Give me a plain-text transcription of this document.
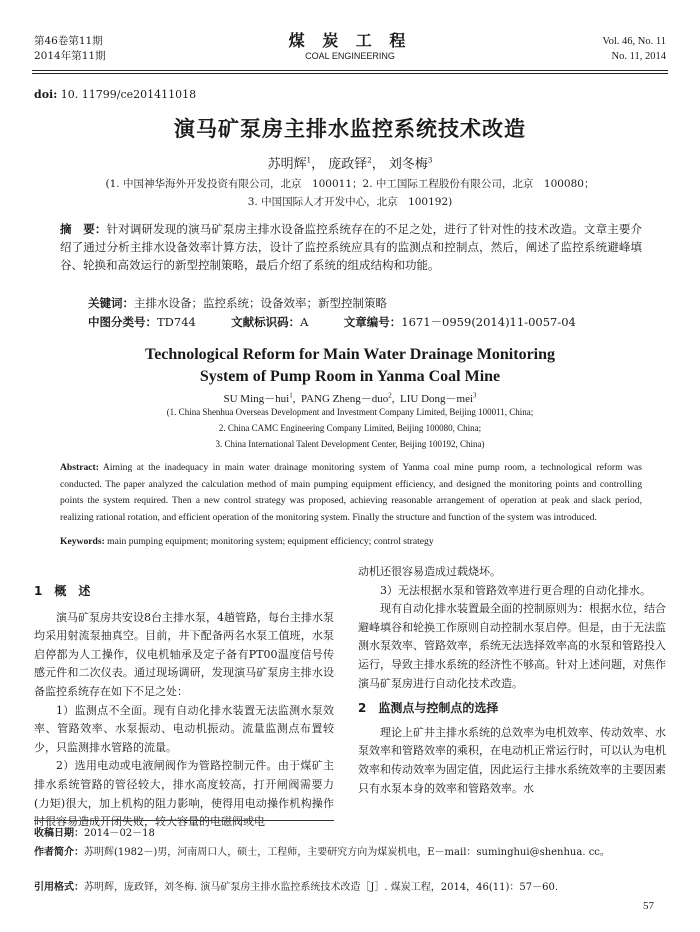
第46卷第11期
2014年第11期
煤 炭 工 程
COAL ENGINEERING
Vol. 46, No. 11
No. 11, 2014
doi: 10. 11799/ce201411018
演马矿泵房主排水监控系统技术改造
苏明辉$^1$， 庞政铎$^2$， 刘冬梅$^3$
(1. 中国神华海外开发投资有限公司，北京　100011；2. 中工国际工程股份有限公司，北京　100080；
3. 中国国际人才开发中心，北京　100192)
摘　要：针对调研发现的演马矿泵房主排水设备监控系统存在的不足之处，进行了针对性的技术改造。文章主要介绍了通过分析主排水设备效率计算方法，设计了监控系统应具有的监测点和控制点，然后，阐述了监控系统避峰填谷、轮换和高效运行的新型控制策略，最后介绍了系统的组成结构和功能。
关键词：主排水设备；监控系统；设备效率；新型控制策略
中图分类号：TD744	文献标识码：A	文章编号：1671－0959(2014)11-0057-04
Technological Reform for Main Water Drainage Monitoring
System of Pump Room in Yanma Coal Mine
SU Ming－hui$^1$,  PANG Zheng－duo$^2$,  LIU Dong－mei$^3$
(1. China Shenhua Overseas Development and Investment Company Limited, Beijing 100011, China;
2. China CAMC Engineering Company Limited, Beijing 100080, China;
3. China International Talent Development Center, Beijing 100192, China)
Abstract: Aiming at the inadequacy in main water drainage monitoring system of Yanma coal mine pump room, a technological reform was conducted. The paper analyzed the calculation method of main pumping equipment efficiency, and designed the monitoring points and controlling points the system required. Then a new control strategy was proposed, achieving reasonable arrangement of operation at peak and slack period, realizing rational rotation, and efficient operation of the monitoring system. Finally the structure and function of the system was introduced.
Keywords: main pumping equipment; monitoring system; equipment efficiency; control strategy

1　概　述

演马矿泵房共安设8台主排水泵，4趟管路，每台主排水泵均采用射流泵抽真空。目前，井下配备两名水泵工值班，水泵启停都为人工操作，仪电机轴承及定子备有PT00温度信号传感元件和二次仪表。通过现场调研，发现演马矿泵房主排水设备监控系统存在如下不足之处：

1）监测点不全面。现有自动化排水装置无法监测水泵效率、管路效率、水泵振动、电动机振动。流量监测点布置较少，只监测排水管路的流量。

2）选用电动或电液闸阀作为管路控制元件。由于煤矿主排水系统管路的管径较大，排水高度较高，打开闸阀需要力(力矩)很大，加上机构的阻力影响，使得用电动操作机构操作时很容易造成开闭失败，较大容量的电磁阀或电

动机还很容易造成过载烧坏。

3）无法根据水泵和管路效率进行更合理的自动化排水。

现有自动化排水装置最全面的控制原则为：根据水位，结合避峰填谷和轮换工作原则自动控制水泵启停。但是，由于无法监测水泵效率、管路效率，系统无法选择效率高的水泵和管路投入运行，导致主排水系统的经济性不够高。针对上述问题，对焦作演马矿泵房进行自动化技术改造。

2　监测点与控制点的选择

理论上矿井主排水系统的总效率为电机效率、传动效率、水泵效率和管路效率的乘积，在电动机正常运行时，可以认为电机效率和传动效率为固定值，因此运行主排水系统效率的主要因素只有水泵本身的效率和管路效率。水

收稿日期：2014－02－18
作者简介：苏明辉(1982－)男，河南周口人，硕士，工程师，主要研究方向为煤炭机电，E－mail：suminghui@shenhua. cc。
引用格式：苏明辉，庞政铎，刘冬梅. 演马矿泵房主排水监控系统技术改造［J］. 煤炭工程，2014，46(11)：57－60.
57
